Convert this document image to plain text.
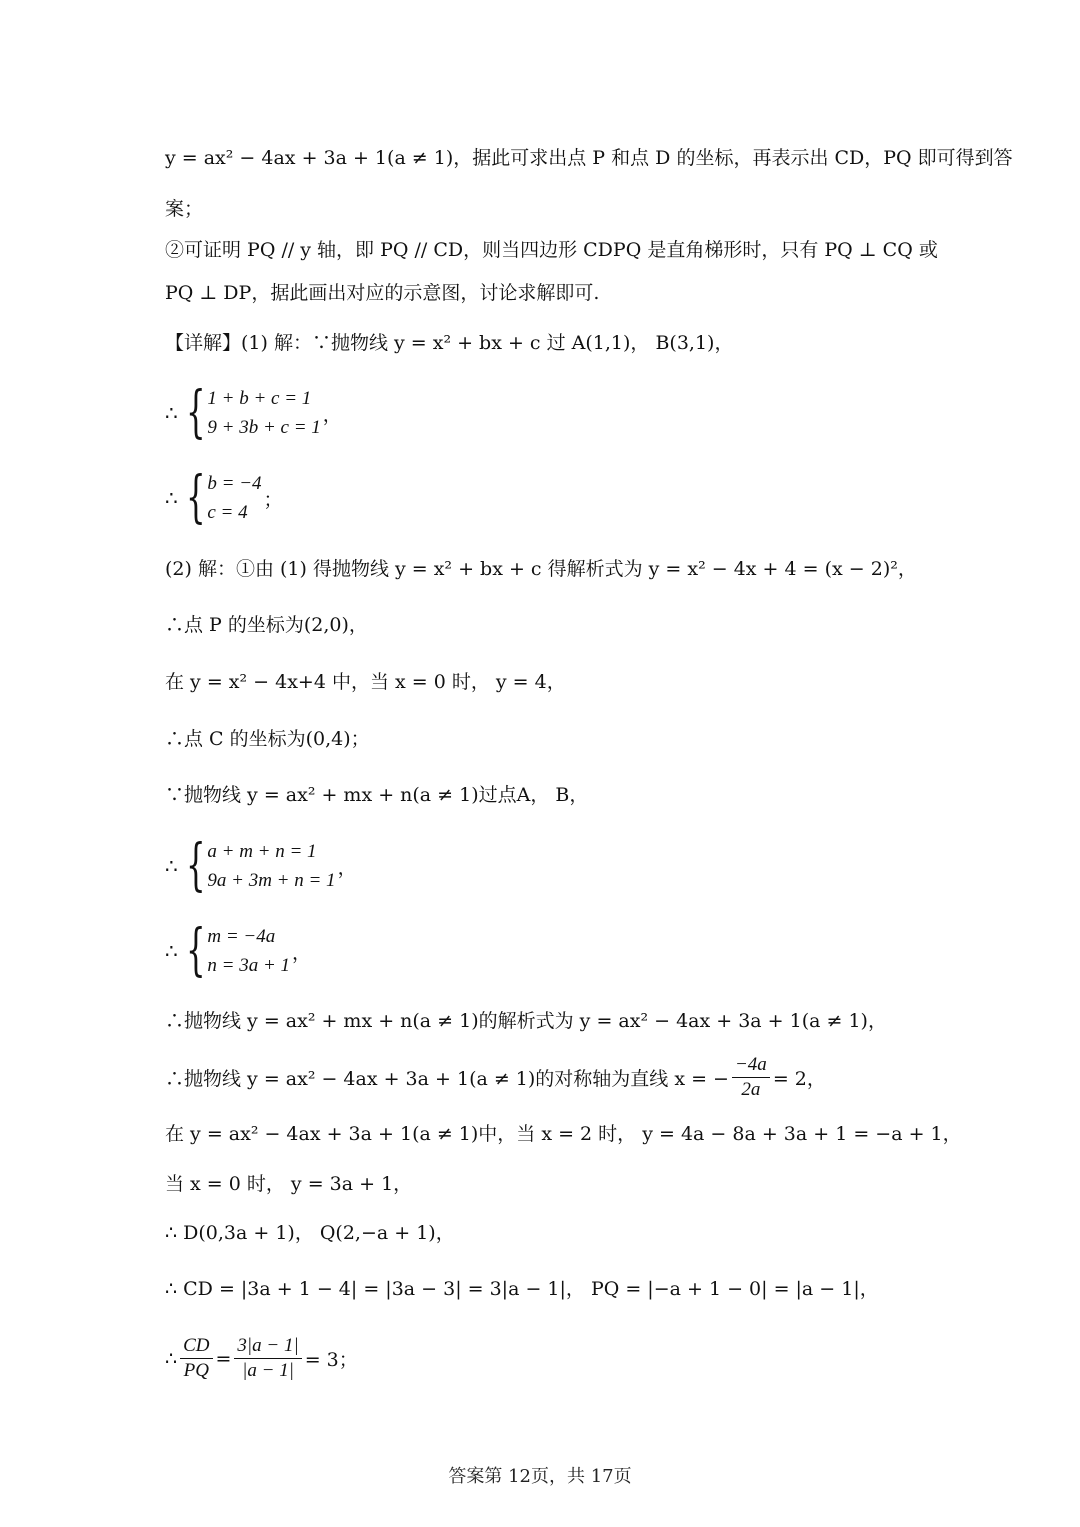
y = ax² − 4ax + 3a + 1(a ≠ 1)，据此可求出点 P 和点 D 的坐标，再表示出 CD，PQ 即可得到答
案；
②可证明 PQ // y 轴，即 PQ // CD，则当四边形 CDPQ 是直角梯形时，只有 PQ ⊥ CQ 或
PQ ⊥ DP，据此画出对应的示意图，讨论求解即可.
【详解】(1) 解：∵抛物线 y = x² + bx + c 过 A(1,1)， B(3,1)，
∴ { 1 + b + c = 1
9 + 3b + c = 1
，
∴ { b = −4
c = 4
；
(2) 解：①由 (1) 得抛物线 y = x² + bx + c 得解析式为 y = x² − 4x + 4 = (x − 2)²，
∴点 P 的坐标为(2,0)，
在 y = x² − 4x+4 中，当 x = 0 时， y = 4，
∴点 C 的坐标为(0,4)；
∵抛物线 y = ax² + mx + n(a ≠ 1)过点A， B，
∴ { a + m + n = 1
9a + 3m + n = 1
，
∴ { m = −4a
n = 3a + 1
，
∴抛物线 y = ax² + mx + n(a ≠ 1)的解析式为 y = ax² − 4ax + 3a + 1(a ≠ 1)，
∴抛物线 y = ax² − 4ax + 3a + 1(a ≠ 1)的对称轴为直线 x = − $\frac{-4a}{2a} = 2$，
在 y = ax² − 4ax + 3a + 1(a ≠ 1)中，当 x = 2 时， y = 4a − 8a + 3a + 1 = −a + 1，
当 x = 0 时， y = 3a + 1，
∴ D(0,3a + 1)， Q(2,−a + 1)，
∴ CD = |3a + 1 − 4| = |3a − 3| = 3|a − 1|， PQ = |−a + 1 − 0| = |a − 1|，
∴ $\frac{CD}{PQ} = \frac{3|a - 1|}{|a - 1|} = 3$；
答案第 12页，共 17页
